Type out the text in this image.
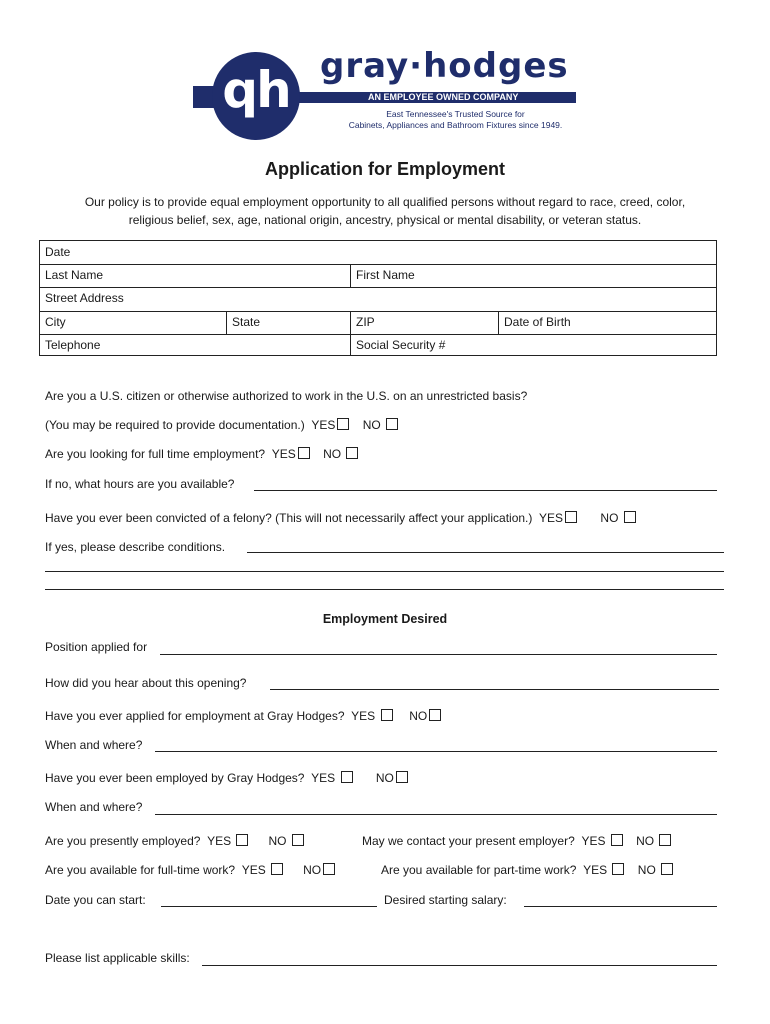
qh gray·hodges
AN EMPLOYEE OWNED COMPANY
East Tennessee's Trusted Source for
Cabinets, Appliances and Bathroom Fixtures since 1949.
Application for Employment
Our policy is to provide equal employment opportunity to all qualified persons without regard to race, creed, color,
religious belief, sex, age, national origin, ancestry, physical or mental disability, or veteran status.
Date
Last Name	First Name
Street Address
City	State	ZIP	Date of Birth
Telephone	Social Security #
Are you a U.S. citizen or otherwise authorized to work in the U.S. on an unrestricted basis?
(You may be required to provide documentation.) YES NO
Are you looking for full time employment? YES NO
If no, what hours are you available?
Have you ever been convicted of a felony? (This will not necessarily affect your application.) YES	NO
If yes, please describe conditions.
Employment Desired
Position applied for
How did you hear about this opening?
Have you ever applied for employment at Gray Hodges? YES	NO
When and where?
Have you ever been employed by Gray Hodges? YES	NO
When and where?
Are you presently employed? YES	NO	May we contact your present employer? YES	NO
Are you available for full-time work? YES	NO	Are you available for part-time work? YES	NO
Date you can start:	Desired starting salary:
Please list applicable skills:
